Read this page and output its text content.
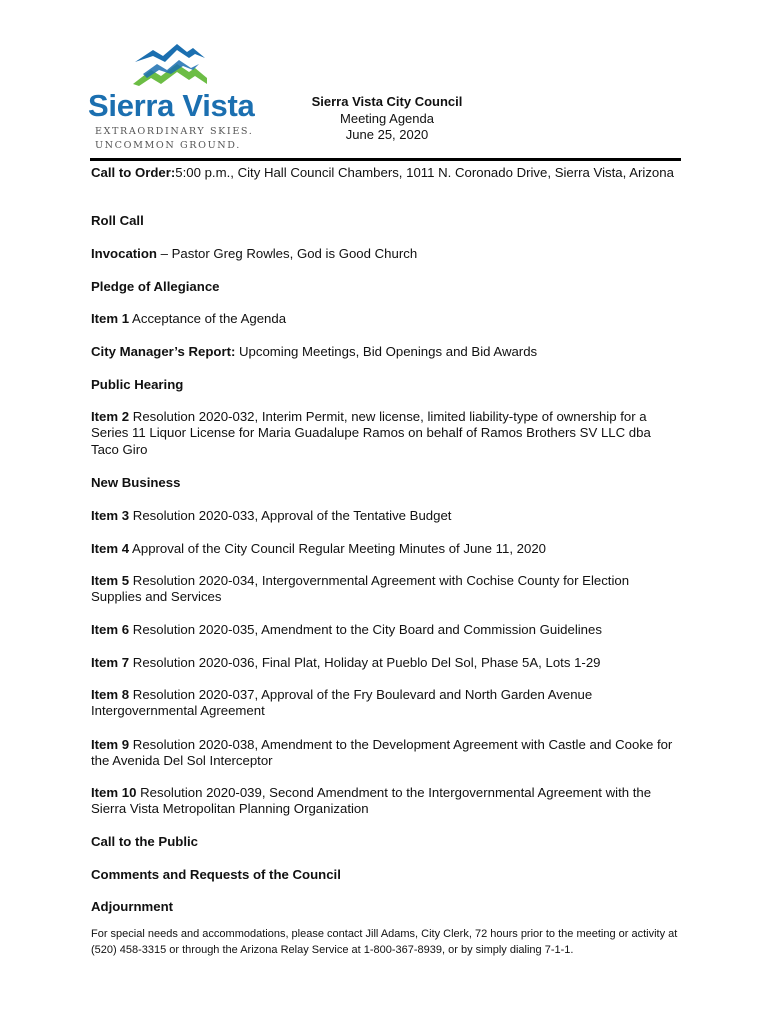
Sierra Vista
EXTRAORDINARY SKIES.
UNCOMMON GROUND.
Sierra Vista City Council
Meeting Agenda
June 25, 2020
Call to Order:5:00 p.m., City Hall Council Chambers, 1011 N. Coronado Drive, Sierra Vista, Arizona
Roll Call
Invocation – Pastor Greg Rowles, God is Good Church
Pledge of Allegiance
Item 1 Acceptance of the Agenda
City Manager’s Report: Upcoming Meetings, Bid Openings and Bid Awards
Public Hearing
Item 2 Resolution 2020-032, Interim Permit, new license, limited liability-type of ownership for a Series 11 Liquor License for Maria Guadalupe Ramos on behalf of Ramos Brothers SV LLC dba Taco Giro
New Business
Item 3 Resolution 2020-033, Approval of the Tentative Budget
Item 4 Approval of the City Council Regular Meeting Minutes of June 11, 2020
Item 5 Resolution 2020-034, Intergovernmental Agreement with Cochise County for Election Supplies and Services
Item 6 Resolution 2020-035, Amendment to the City Board and Commission Guidelines
Item 7 Resolution 2020-036, Final Plat, Holiday at Pueblo Del Sol, Phase 5A, Lots 1-29
Item 8 Resolution 2020-037, Approval of the Fry Boulevard and North Garden Avenue Intergovernmental Agreement
Item 9 Resolution 2020-038, Amendment to the Development Agreement with Castle and Cooke for the Avenida Del Sol Interceptor
Item 10 Resolution 2020-039, Second Amendment to the Intergovernmental Agreement with the Sierra Vista Metropolitan Planning Organization
Call to the Public
Comments and Requests of the Council
Adjournment
For special needs and accommodations, please contact Jill Adams, City Clerk, 72 hours prior to the meeting or activity at (520) 458-3315 or through the Arizona Relay Service at 1-800-367-8939, or by simply dialing 7-1-1.
